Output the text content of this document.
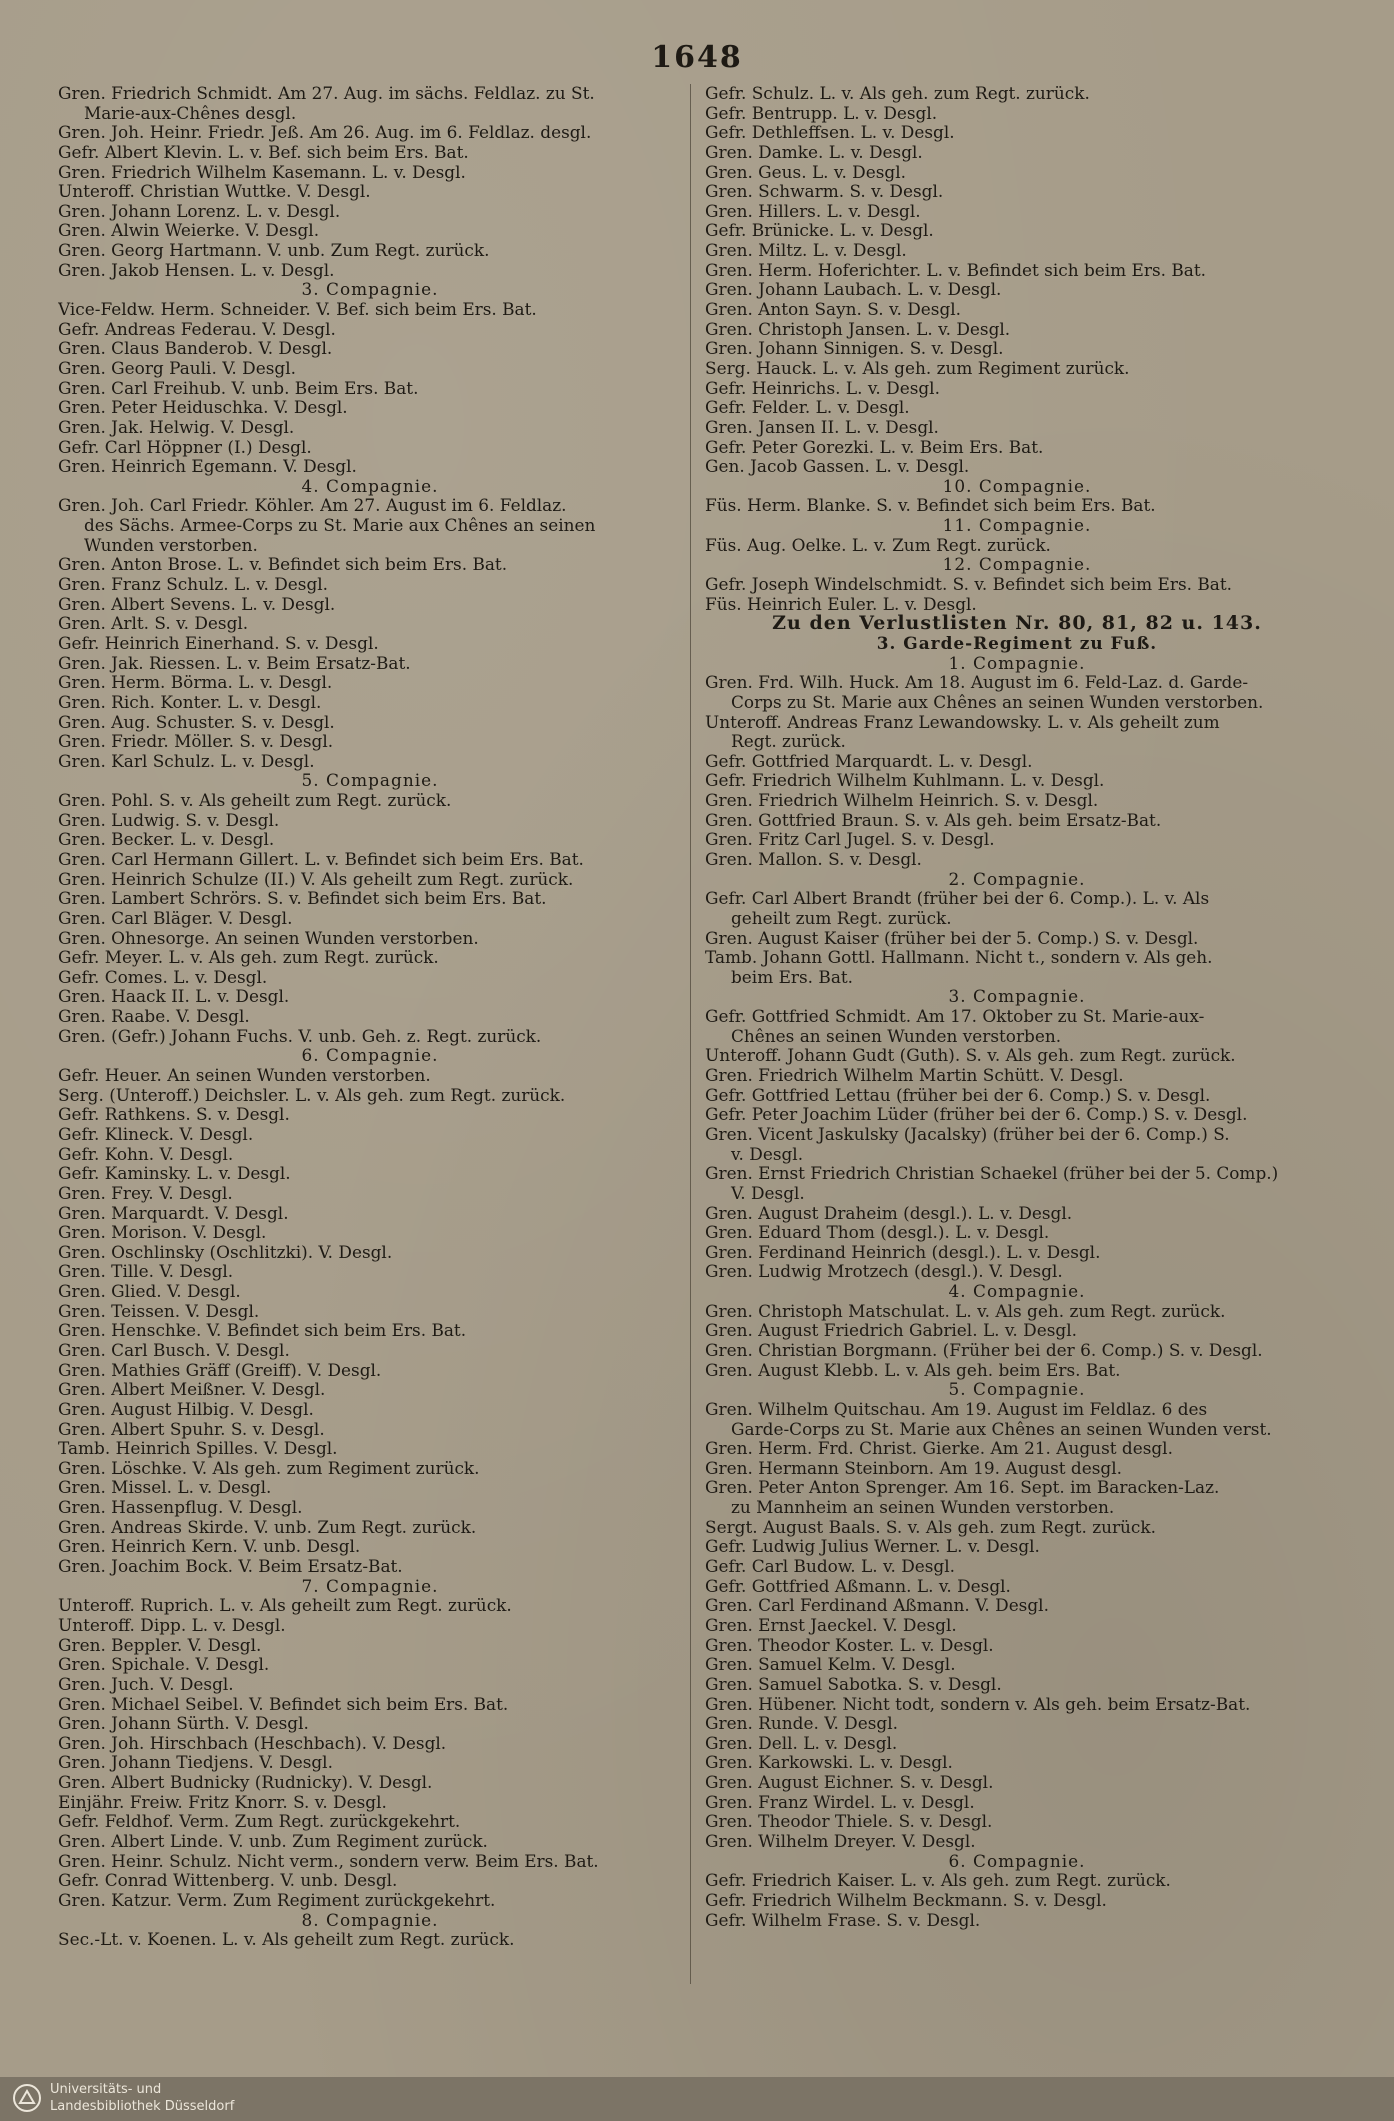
1648
Gren. Friedrich Schmidt. Am 27. Aug. im sächs. Feldlaz. zu St.
Marie-aux-Chênes desgl.
Gren. Joh. Heinr. Friedr. Jeß. Am 26. Aug. im 6. Feldlaz. desgl.
Gefr. Albert Klevin. L. v. Bef. sich beim Ers. Bat.
Gren. Friedrich Wilhelm Kasemann. L. v. Desgl.
Unteroff. Christian Wuttke. V. Desgl.
Gren. Johann Lorenz. L. v. Desgl.
Gren. Alwin Weierke. V. Desgl.
Gren. Georg Hartmann. V. unb. Zum Regt. zurück.
Gren. Jakob Hensen. L. v. Desgl.
3. Compagnie.
Vice-Feldw. Herm. Schneider. V. Bef. sich beim Ers. Bat.
Gefr. Andreas Federau. V. Desgl.
Gren. Claus Banderob. V. Desgl.
Gren. Georg Pauli. V. Desgl.
Gren. Carl Freihub. V. unb. Beim Ers. Bat.
Gren. Peter Heiduschka. V. Desgl.
Gren. Jak. Helwig. V. Desgl.
Gefr. Carl Höppner (I.) Desgl.
Gren. Heinrich Egemann. V. Desgl.
4. Compagnie.
Gren. Joh. Carl Friedr. Köhler. Am 27. August im 6. Feldlaz.
des Sächs. Armee-Corps zu St. Marie aux Chênes an seinen
Wunden verstorben.
Gren. Anton Brose. L. v. Befindet sich beim Ers. Bat.
Gren. Franz Schulz. L. v. Desgl.
Gren. Albert Sevens. L. v. Desgl.
Gren. Arlt. S. v. Desgl.
Gefr. Heinrich Einerhand. S. v. Desgl.
Gren. Jak. Riessen. L. v. Beim Ersatz-Bat.
Gren. Herm. Börma. L. v. Desgl.
Gren. Rich. Konter. L. v. Desgl.
Gren. Aug. Schuster. S. v. Desgl.
Gren. Friedr. Möller. S. v. Desgl.
Gren. Karl Schulz. L. v. Desgl.
5. Compagnie.
Gren. Pohl. S. v. Als geheilt zum Regt. zurück.
Gren. Ludwig. S. v. Desgl.
Gren. Becker. L. v. Desgl.
Gren. Carl Hermann Gillert. L. v. Befindet sich beim Ers. Bat.
Gren. Heinrich Schulze (II.) V. Als geheilt zum Regt. zurück.
Gren. Lambert Schrörs. S. v. Befindet sich beim Ers. Bat.
Gren. Carl Bläger. V. Desgl.
Gren. Ohnesorge. An seinen Wunden verstorben.
Gefr. Meyer. L. v. Als geh. zum Regt. zurück.
Gefr. Comes. L. v. Desgl.
Gren. Haack II. L. v. Desgl.
Gren. Raabe. V. Desgl.
Gren. (Gefr.) Johann Fuchs. V. unb. Geh. z. Regt. zurück.
6. Compagnie.
Gefr. Heuer. An seinen Wunden verstorben.
Serg. (Unteroff.) Deichsler. L. v. Als geh. zum Regt. zurück.
Gefr. Rathkens. S. v. Desgl.
Gefr. Klineck. V. Desgl.
Gefr. Kohn. V. Desgl.
Gefr. Kaminsky. L. v. Desgl.
Gren. Frey. V. Desgl.
Gren. Marquardt. V. Desgl.
Gren. Morison. V. Desgl.
Gren. Oschlinsky (Oschlitzki). V. Desgl.
Gren. Tille. V. Desgl.
Gren. Glied. V. Desgl.
Gren. Teissen. V. Desgl.
Gren. Henschke. V. Befindet sich beim Ers. Bat.
Gren. Carl Busch. V. Desgl.
Gren. Mathies Gräff (Greiff). V. Desgl.
Gren. Albert Meißner. V. Desgl.
Gren. August Hilbig. V. Desgl.
Gren. Albert Spuhr. S. v. Desgl.
Tamb. Heinrich Spilles. V. Desgl.
Gren. Löschke. V. Als geh. zum Regiment zurück.
Gren. Missel. L. v. Desgl.
Gren. Hassenpflug. V. Desgl.
Gren. Andreas Skirde. V. unb. Zum Regt. zurück.
Gren. Heinrich Kern. V. unb. Desgl.
Gren. Joachim Bock. V. Beim Ersatz-Bat.
7. Compagnie.
Unteroff. Ruprich. L. v. Als geheilt zum Regt. zurück.
Unteroff. Dipp. L. v. Desgl.
Gren. Beppler. V. Desgl.
Gren. Spichale. V. Desgl.
Gren. Juch. V. Desgl.
Gren. Michael Seibel. V. Befindet sich beim Ers. Bat.
Gren. Johann Sürth. V. Desgl.
Gren. Joh. Hirschbach (Heschbach). V. Desgl.
Gren. Johann Tiedjens. V. Desgl.
Gren. Albert Budnicky (Rudnicky). V. Desgl.
Einjähr. Freiw. Fritz Knorr. S. v. Desgl.
Gefr. Feldhof. Verm. Zum Regt. zurückgekehrt.
Gren. Albert Linde. V. unb. Zum Regiment zurück.
Gren. Heinr. Schulz. Nicht verm., sondern verw. Beim Ers. Bat.
Gefr. Conrad Wittenberg. V. unb. Desgl.
Gren. Katzur. Verm. Zum Regiment zurückgekehrt.
8. Compagnie.
Sec.-Lt. v. Koenen. L. v. Als geheilt zum Regt. zurück.
Gefr. Schulz. L. v. Als geh. zum Regt. zurück.
Gefr. Bentrupp. L. v. Desgl.
Gefr. Dethleffsen. L. v. Desgl.
Gren. Damke. L. v. Desgl.
Gren. Geus. L. v. Desgl.
Gren. Schwarm. S. v. Desgl.
Gren. Hillers. L. v. Desgl.
Gefr. Brünicke. L. v. Desgl.
Gren. Miltz. L. v. Desgl.
Gren. Herm. Hoferichter. L. v. Befindet sich beim Ers. Bat.
Gren. Johann Laubach. L. v. Desgl.
Gren. Anton Sayn. S. v. Desgl.
Gren. Christoph Jansen. L. v. Desgl.
Gren. Johann Sinnigen. S. v. Desgl.
Serg. Hauck. L. v. Als geh. zum Regiment zurück.
Gefr. Heinrichs. L. v. Desgl.
Gefr. Felder. L. v. Desgl.
Gren. Jansen II. L. v. Desgl.
Gefr. Peter Gorezki. L. v. Beim Ers. Bat.
Gen. Jacob Gassen. L. v. Desgl.
10. Compagnie.
Füs. Herm. Blanke. S. v. Befindet sich beim Ers. Bat.
11. Compagnie.
Füs. Aug. Oelke. L. v. Zum Regt. zurück.
12. Compagnie.
Gefr. Joseph Windelschmidt. S. v. Befindet sich beim Ers. Bat.
Füs. Heinrich Euler. L. v. Desgl.
Zu den Verlustlisten Nr. 80, 81, 82 u. 143.
3. Garde-Regiment zu Fuß.
1. Compagnie.
Gren. Frd. Wilh. Huck. Am 18. August im 6. Feld-Laz. d. Garde-
Corps zu St. Marie aux Chênes an seinen Wunden verstorben.
Unteroff. Andreas Franz Lewandowsky. L. v. Als geheilt zum
Regt. zurück.
Gefr. Gottfried Marquardt. L. v. Desgl.
Gefr. Friedrich Wilhelm Kuhlmann. L. v. Desgl.
Gren. Friedrich Wilhelm Heinrich. S. v. Desgl.
Gren. Gottfried Braun. S. v. Als geh. beim Ersatz-Bat.
Gren. Fritz Carl Jugel. S. v. Desgl.
Gren. Mallon. S. v. Desgl.
2. Compagnie.
Gefr. Carl Albert Brandt (früher bei der 6. Comp.). L. v. Als
geheilt zum Regt. zurück.
Gren. August Kaiser (früher bei der 5. Comp.) S. v. Desgl.
Tamb. Johann Gottl. Hallmann. Nicht t., sondern v. Als geh.
beim Ers. Bat.
3. Compagnie.
Gefr. Gottfried Schmidt. Am 17. Oktober zu St. Marie-aux-
Chênes an seinen Wunden verstorben.
Unteroff. Johann Gudt (Guth). S. v. Als geh. zum Regt. zurück.
Gren. Friedrich Wilhelm Martin Schütt. V. Desgl.
Gefr. Gottfried Lettau (früher bei der 6. Comp.) S. v. Desgl.
Gefr. Peter Joachim Lüder (früher bei der 6. Comp.) S. v. Desgl.
Gren. Vicent Jaskulsky (Jacalsky) (früher bei der 6. Comp.) S.
v. Desgl.
Gren. Ernst Friedrich Christian Schaekel (früher bei der 5. Comp.)
V. Desgl.
Gren. August Draheim (desgl.). L. v. Desgl.
Gren. Eduard Thom (desgl.). L. v. Desgl.
Gren. Ferdinand Heinrich (desgl.). L. v. Desgl.
Gren. Ludwig Mrotzech (desgl.). V. Desgl.
4. Compagnie.
Gren. Christoph Matschulat. L. v. Als geh. zum Regt. zurück.
Gren. August Friedrich Gabriel. L. v. Desgl.
Gren. Christian Borgmann. (Früher bei der 6. Comp.) S. v. Desgl.
Gren. August Klebb. L. v. Als geh. beim Ers. Bat.
5. Compagnie.
Gren. Wilhelm Quitschau. Am 19. August im Feldlaz. 6 des
Garde-Corps zu St. Marie aux Chênes an seinen Wunden verst.
Gren. Herm. Frd. Christ. Gierke. Am 21. August desgl.
Gren. Hermann Steinborn. Am 19. August desgl.
Gren. Peter Anton Sprenger. Am 16. Sept. im Baracken-Laz.
zu Mannheim an seinen Wunden verstorben.
Sergt. August Baals. S. v. Als geh. zum Regt. zurück.
Gefr. Ludwig Julius Werner. L. v. Desgl.
Gefr. Carl Budow. L. v. Desgl.
Gefr. Gottfried Aßmann. L. v. Desgl.
Gren. Carl Ferdinand Aßmann. V. Desgl.
Gren. Ernst Jaeckel. V. Desgl.
Gren. Theodor Koster. L. v. Desgl.
Gren. Samuel Kelm. V. Desgl.
Gren. Samuel Sabotka. S. v. Desgl.
Gren. Hübener. Nicht todt, sondern v. Als geh. beim Ersatz-Bat.
Gren. Runde. V. Desgl.
Gren. Dell. L. v. Desgl.
Gren. Karkowski. L. v. Desgl.
Gren. August Eichner. S. v. Desgl.
Gren. Franz Wirdel. L. v. Desgl.
Gren. Theodor Thiele. S. v. Desgl.
Gren. Wilhelm Dreyer. V. Desgl.
6. Compagnie.
Gefr. Friedrich Kaiser. L. v. Als geh. zum Regt. zurück.
Gefr. Friedrich Wilhelm Beckmann. S. v. Desgl.
Gefr. Wilhelm Frase. S. v. Desgl.
Universitäts- und
Landesbibliothek Düsseldorf
